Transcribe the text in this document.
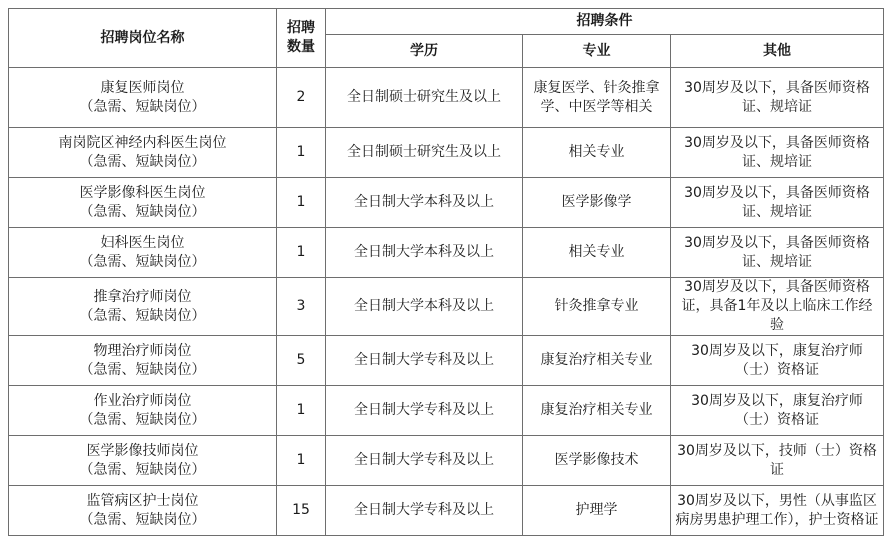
招聘岗位名称	招聘
数量	招聘条件		
		学历	专业	其他

康复医师岗位
（急需、短缺岗位）	2	全日制硕士研究生及以上	康复医学、针灸推拿学、中医学等相关	30周岁及以下，具备医师资格证、规培证

南岗院区神经内科医生岗位
（急需、短缺岗位）	1	全日制硕士研究生及以上	相关专业	30周岁及以下，具备医师资格证、规培证

医学影像科医生岗位
（急需、短缺岗位）	1	全日制大学本科及以上	医学影像学	30周岁及以下，具备医师资格证、规培证

妇科医生岗位
（急需、短缺岗位）	1	全日制大学本科及以上	相关专业	30周岁及以下，具备医师资格证、规培证

推拿治疗师岗位
（急需、短缺岗位）	3	全日制大学本科及以上	针灸推拿专业	30周岁及以下，具备医师资格证，具备1年及以上临床工作经验

物理治疗师岗位
（急需、短缺岗位）	5	全日制大学专科及以上	康复治疗相关专业	30周岁及以下，康复治疗师（士）资格证

作业治疗师岗位
（急需、短缺岗位）	1	全日制大学专科及以上	康复治疗相关专业	30周岁及以下，康复治疗师（士）资格证

医学影像技师岗位
（急需、短缺岗位）	1	全日制大学专科及以上	医学影像技术	30周岁及以下，技师（士）资格证

监管病区护士岗位
（急需、短缺岗位）	15	全日制大学专科及以上	护理学	30周岁及以下，男性（从事监区病房男患护理工作），护士资格证
